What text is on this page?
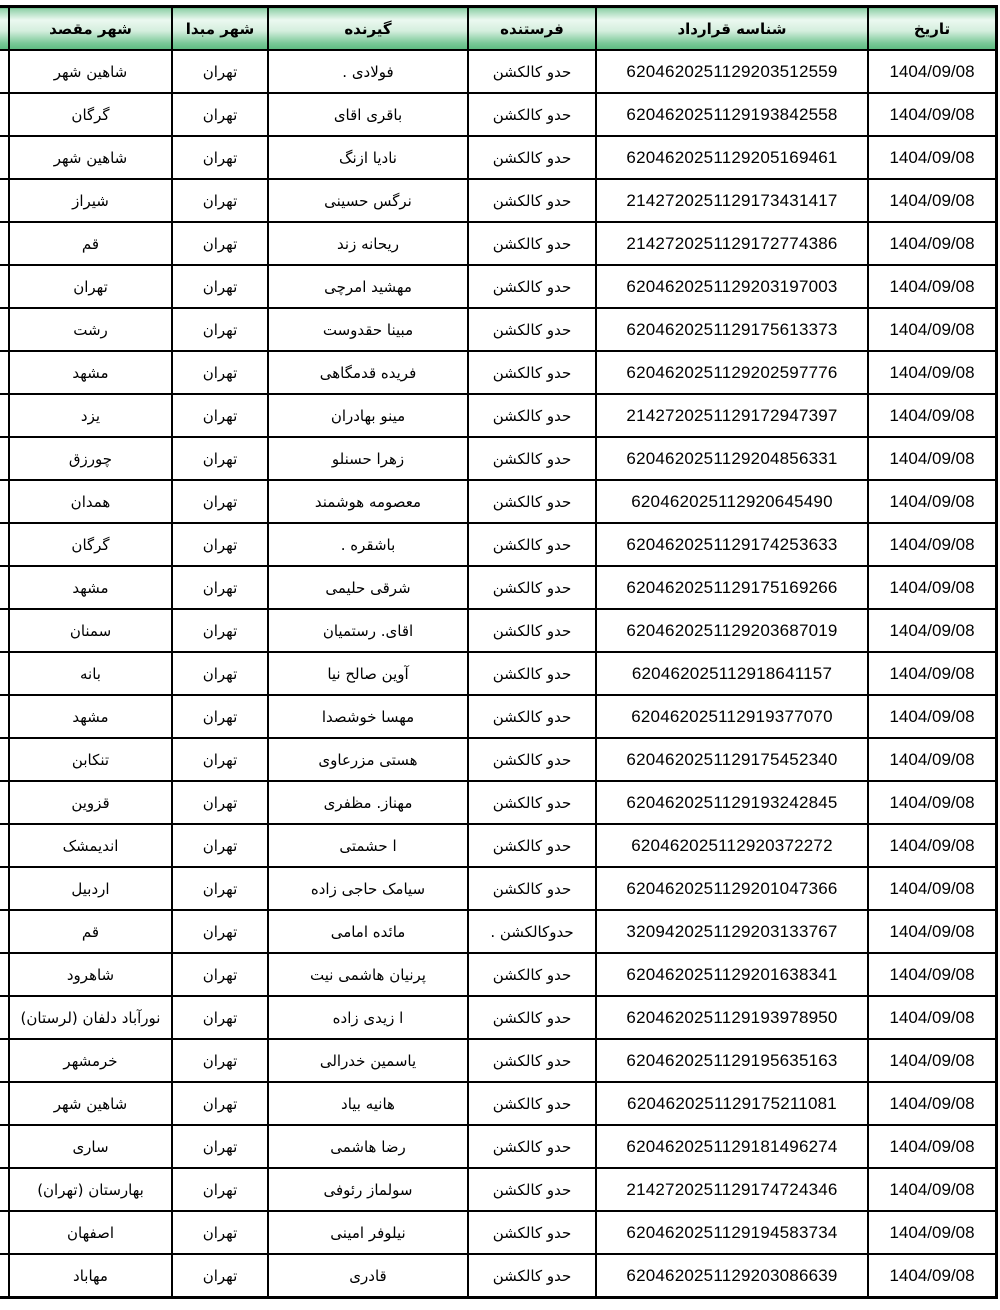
تاریخ	شناسه قرارداد	فرستنده	گیرنده	شهر مبدا	شهر مقصد	
1404/09/08	6204620251129203512559	حدو کالکشن	فولادی .	تهران	شاهین شهر	
1404/09/08	6204620251129193842558	حدو کالکشن	باقری اقای	تهران	گرگان	
1404/09/08	6204620251129205169461	حدو کالکشن	نادیا ازنگ	تهران	شاهین شهر	
1404/09/08	2142720251129173431417	حدو کالکشن	نرگس حسینی	تهران	شیراز	
1404/09/08	2142720251129172774386	حدو کالکشن	ریحانه زند	تهران	قم	
1404/09/08	6204620251129203197003	حدو کالکشن	مهشید امرچی	تهران	تهران	
1404/09/08	6204620251129175613373	حدو کالکشن	مبینا حقدوست	تهران	رشت	
1404/09/08	6204620251129202597776	حدو کالکشن	فریده قدمگاهی	تهران	مشهد	
1404/09/08	2142720251129172947397	حدو کالکشن	مینو بهادران	تهران	یزد	
1404/09/08	6204620251129204856331	حدو کالکشن	زهرا حسنلو	تهران	چورزق	
1404/09/08	620462025112920645490	حدو کالکشن	معصومه هوشمند	تهران	همدان	
1404/09/08	6204620251129174253633	حدو کالکشن	باشقره .	تهران	گرگان	
1404/09/08	6204620251129175169266	حدو کالکشن	شرقی حلیمی	تهران	مشهد	
1404/09/08	6204620251129203687019	حدو کالکشن	اقای. رستمیان	تهران	سمنان	
1404/09/08	620462025112918641157	حدو کالکشن	آوین صالح نیا	تهران	بانه	
1404/09/08	620462025112919377070	حدو کالکشن	مهسا خوشصدا	تهران	مشهد	
1404/09/08	6204620251129175452340	حدو کالکشن	هستی مزرعاوی	تهران	تنکابن	
1404/09/08	6204620251129193242845	حدو کالکشن	مهناز. مظفری	تهران	قزوین	
1404/09/08	620462025112920372272	حدو کالکشن	ا حشمتی	تهران	اندیمشک	
1404/09/08	6204620251129201047366	حدو کالکشن	سیامک حاجی زاده	تهران	اردبیل	
1404/09/08	3209420251129203133767	حدوکالکشن .	مائده امامی	تهران	قم	
1404/09/08	6204620251129201638341	حدو کالکشن	پرنیان هاشمی نیت	تهران	شاهرود	
1404/09/08	6204620251129193978950	حدو کالکشن	ا زیدی زاده	تهران	نورآباد دلفان (لرستان)	
1404/09/08	6204620251129195635163	حدو کالکشن	یاسمین خدرالی	تهران	خرمشهر	
1404/09/08	6204620251129175211081	حدو کالکشن	هانیه بیاد	تهران	شاهین شهر	
1404/09/08	6204620251129181496274	حدو کالکشن	رضا هاشمی	تهران	ساری	
1404/09/08	2142720251129174724346	حدو کالکشن	سولماز رئوفی	تهران	بهارستان (تهران)	
1404/09/08	6204620251129194583734	حدو کالکشن	نیلوفر امینی	تهران	اصفهان	
1404/09/08	6204620251129203086639	حدو کالکشن	قادری	تهران	مهاباد	
